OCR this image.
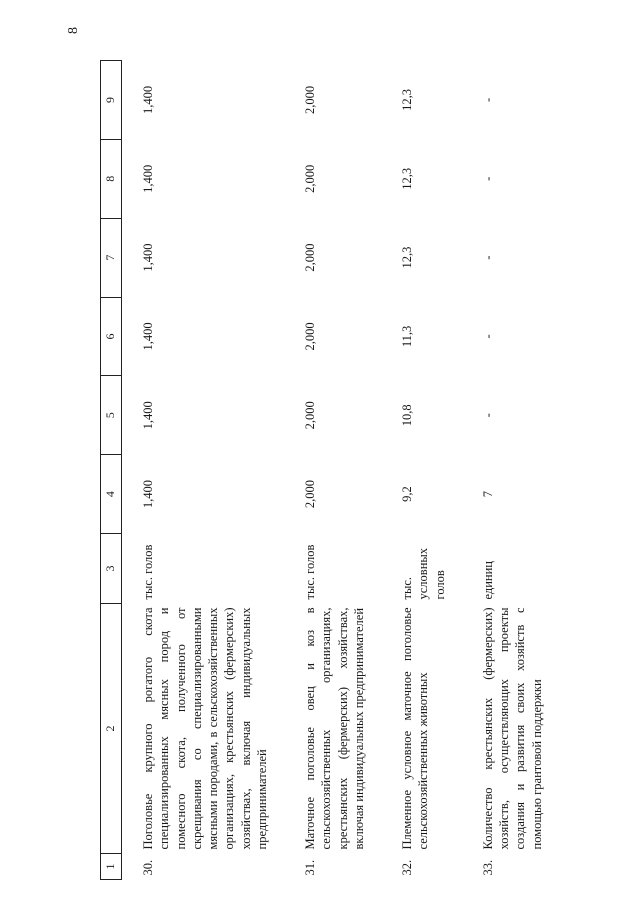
8
1	2	3	4	5	6	7	8	9
30.	Поголовье крупного рогатого скота специализированных мясных пород и помесного скота, полученного от скрещивания со специализированными мясными породами, в сельскохозяйственных организациях, крестьянских (фермерских) хозяйствах, включая индивидуальных предпринимателей	тыс. голов	1,400	1,400	1,400	1,400	1,400	1,400
31.	Маточное поголовье овец и коз в сельскохозяйственных организациях, крестьянских (фермерских) хозяйствах, включая индивидуальных предпринимателей	тыс. голов	2,000	2,000	2,000	2,000	2,000	2,000
32.	Племенное условное маточное поголовье сельскохозяйственных животных	тыс. условных голов	9,2	10,8	11,3	12,3	12,3	12,3
33.	Количество крестьянских (фермерских) хозяйств, осуществляющих проекты создания и развития своих хозяйств с помощью грантовой поддержки	единиц	7	-	-	-	-	-
